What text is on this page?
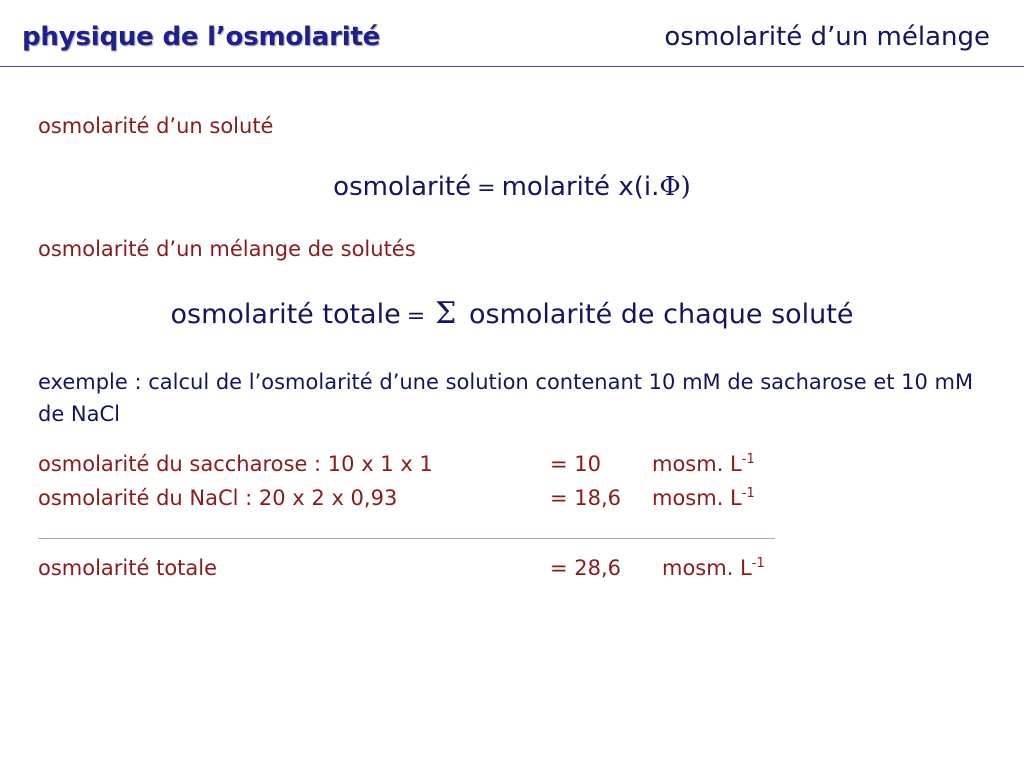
physique de l’osmolarité	osmolarité d’un mélange
osmolarité d’un soluté
osmolarité = molarité x(i.Φ)
osmolarité d’un mélange de solutés
osmolarité totale = Σ osmolarité de chaque soluté
exemple : calcul de l’osmolarité d’une solution contenant 10 mM de sacharose et 10 mM de NaCl
osmolarité du saccharose : 10 x 1 x 1	= 10 mosm. $L^{-1}$
osmolarité du NaCl : 20 x 2 x 0,93	= 18,6 mosm. $L^{-1}$
osmolarité totale	= 28,6 mosm. $L^{-1}$
